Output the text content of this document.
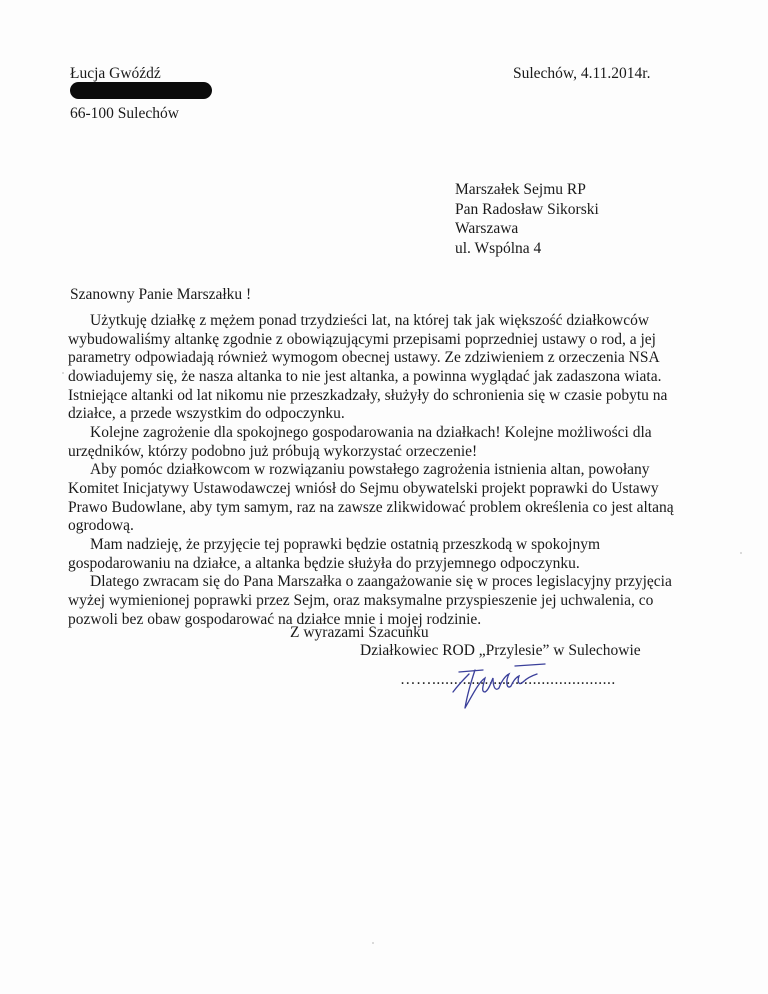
Łucja Gwóźdź
66-100 Sulechów
Sulechów, 4.11.2014r.
Marszałek Sejmu RP
Pan Radosław Sikorski
Warszawa
ul. Wspólna 4
Szanowny Panie Marszałku !
Użytkuję działkę z mężem ponad trzydzieści lat, na której tak jak większość działkowców
wybudowaliśmy altankę zgodnie z obowiązującymi przepisami poprzedniej ustawy o rod, a jej
parametry odpowiadają również wymogom obecnej ustawy. Ze zdziwieniem z orzeczenia NSA
dowiadujemy się, że nasza altanka to nie jest altanka, a powinna wyglądać jak zadaszona wiata.
Istniejące altanki od lat nikomu nie przeszkadzały, służyły do schronienia się w czasie pobytu na
działce, a przede wszystkim do odpoczynku.
Kolejne zagrożenie dla spokojnego gospodarowania na działkach! Kolejne możliwości dla
urzędników, którzy podobno już próbują wykorzystać orzeczenie!
Aby pomóc działkowcom w rozwiązaniu powstałego zagrożenia istnienia altan, powołany
Komitet Inicjatywy Ustawodawczej wniósł do Sejmu obywatelski projekt poprawki do Ustawy
Prawo Budowlane, aby tym samym, raz na zawsze zlikwidować problem określenia co jest altaną
ogrodową.
Mam nadzieję, że przyjęcie tej poprawki będzie ostatnią przeszkodą w spokojnym
gospodarowaniu na działce, a altanka będzie służyła do przyjemnego odpoczynku.
Dlatego zwracam się do Pana Marszałka o zaangażowanie się w proces legislacyjny przyjęcia
wyżej wymienionej poprawki przez Sejm, oraz maksymalne przyspieszenie jej uchwalenia, co
pozwoli bez obaw gospodarować na działce mnie i mojej rodzinie.
Z wyrazami Szacunku
Działkowiec ROD „Przylesie” w Sulechowie
……..........................................
